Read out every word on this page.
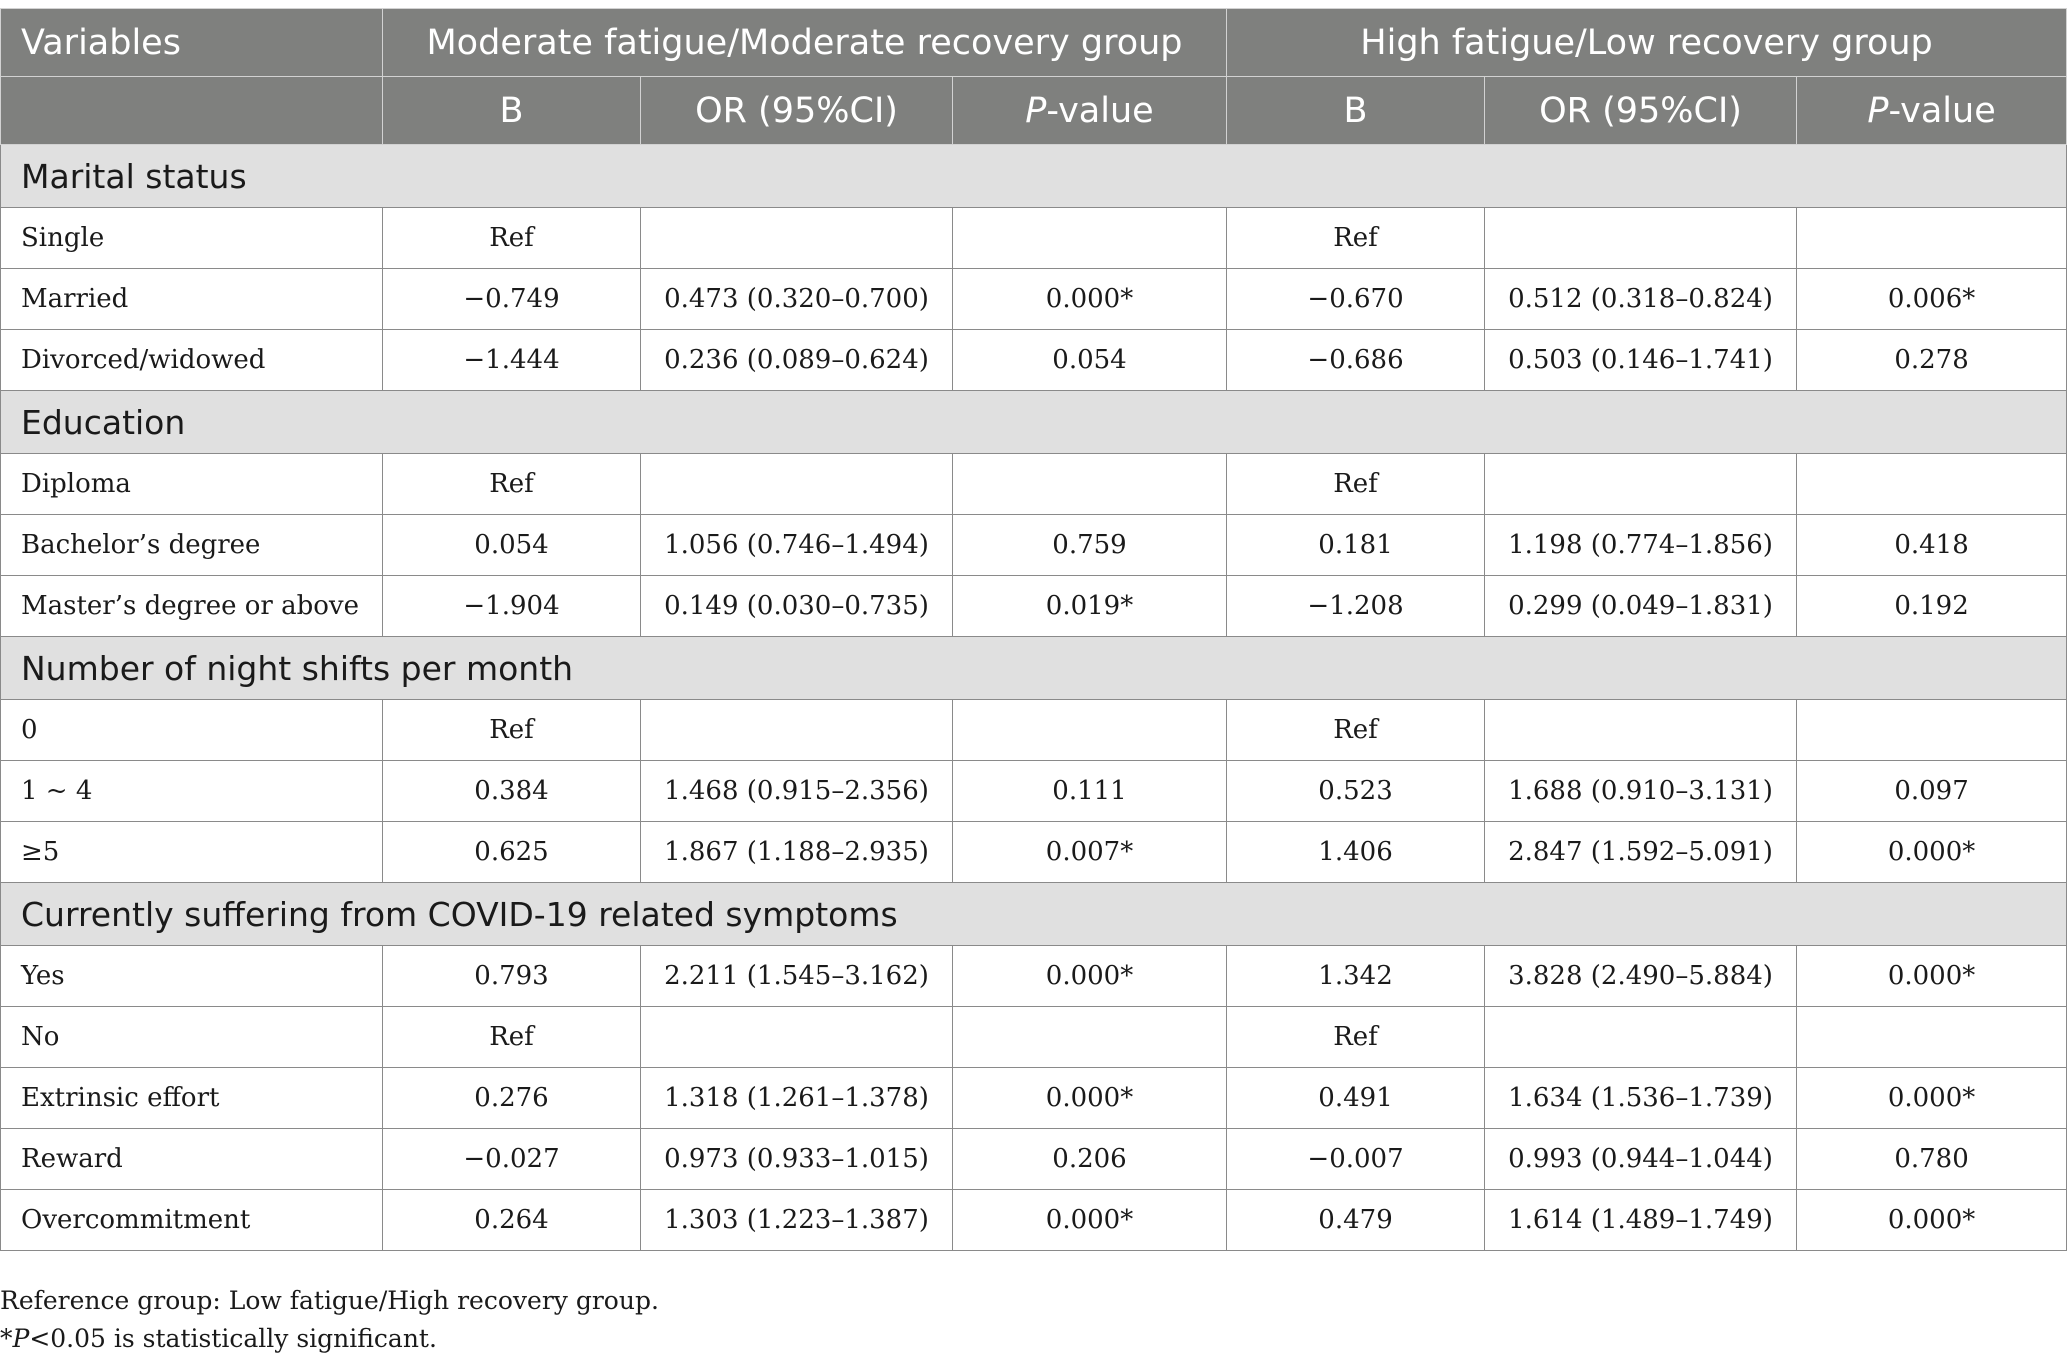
Variables	Moderate fatigue/Moderate recovery group			High fatigue/Low recovery group		
	B	OR (95%CI)	P-value	B	OR (95%CI)	P-value
Marital status						
Single	Ref			Ref		
Married	−0.749	0.473 (0.320–0.700)	0.000*	−0.670	0.512 (0.318–0.824)	0.006*
Divorced/widowed	−1.444	0.236 (0.089–0.624)	0.054	−0.686	0.503 (0.146–1.741)	0.278
Education						
Diploma	Ref			Ref		
Bachelor’s degree	0.054	1.056 (0.746–1.494)	0.759	0.181	1.198 (0.774–1.856)	0.418
Master’s degree or above	−1.904	0.149 (0.030–0.735)	0.019*	−1.208	0.299 (0.049–1.831)	0.192
Number of night shifts per month						
0	Ref			Ref		
1 ~ 4	0.384	1.468 (0.915–2.356)	0.111	0.523	1.688 (0.910–3.131)	0.097
≥5	0.625	1.867 (1.188–2.935)	0.007*	1.406	2.847 (1.592–5.091)	0.000*
Currently suffering from COVID-19 related symptoms						
Yes	0.793	2.211 (1.545–3.162)	0.000*	1.342	3.828 (2.490–5.884)	0.000*
No	Ref			Ref		
Extrinsic effort	0.276	1.318 (1.261–1.378)	0.000*	0.491	1.634 (1.536–1.739)	0.000*
Reward	−0.027	0.973 (0.933–1.015)	0.206	−0.007	0.993 (0.944–1.044)	0.780
Overcommitment	0.264	1.303 (1.223–1.387)	0.000*	0.479	1.614 (1.489–1.749)	0.000*
Reference group: Low fatigue/High recovery group.
*P<0.05 is statistically significant.
